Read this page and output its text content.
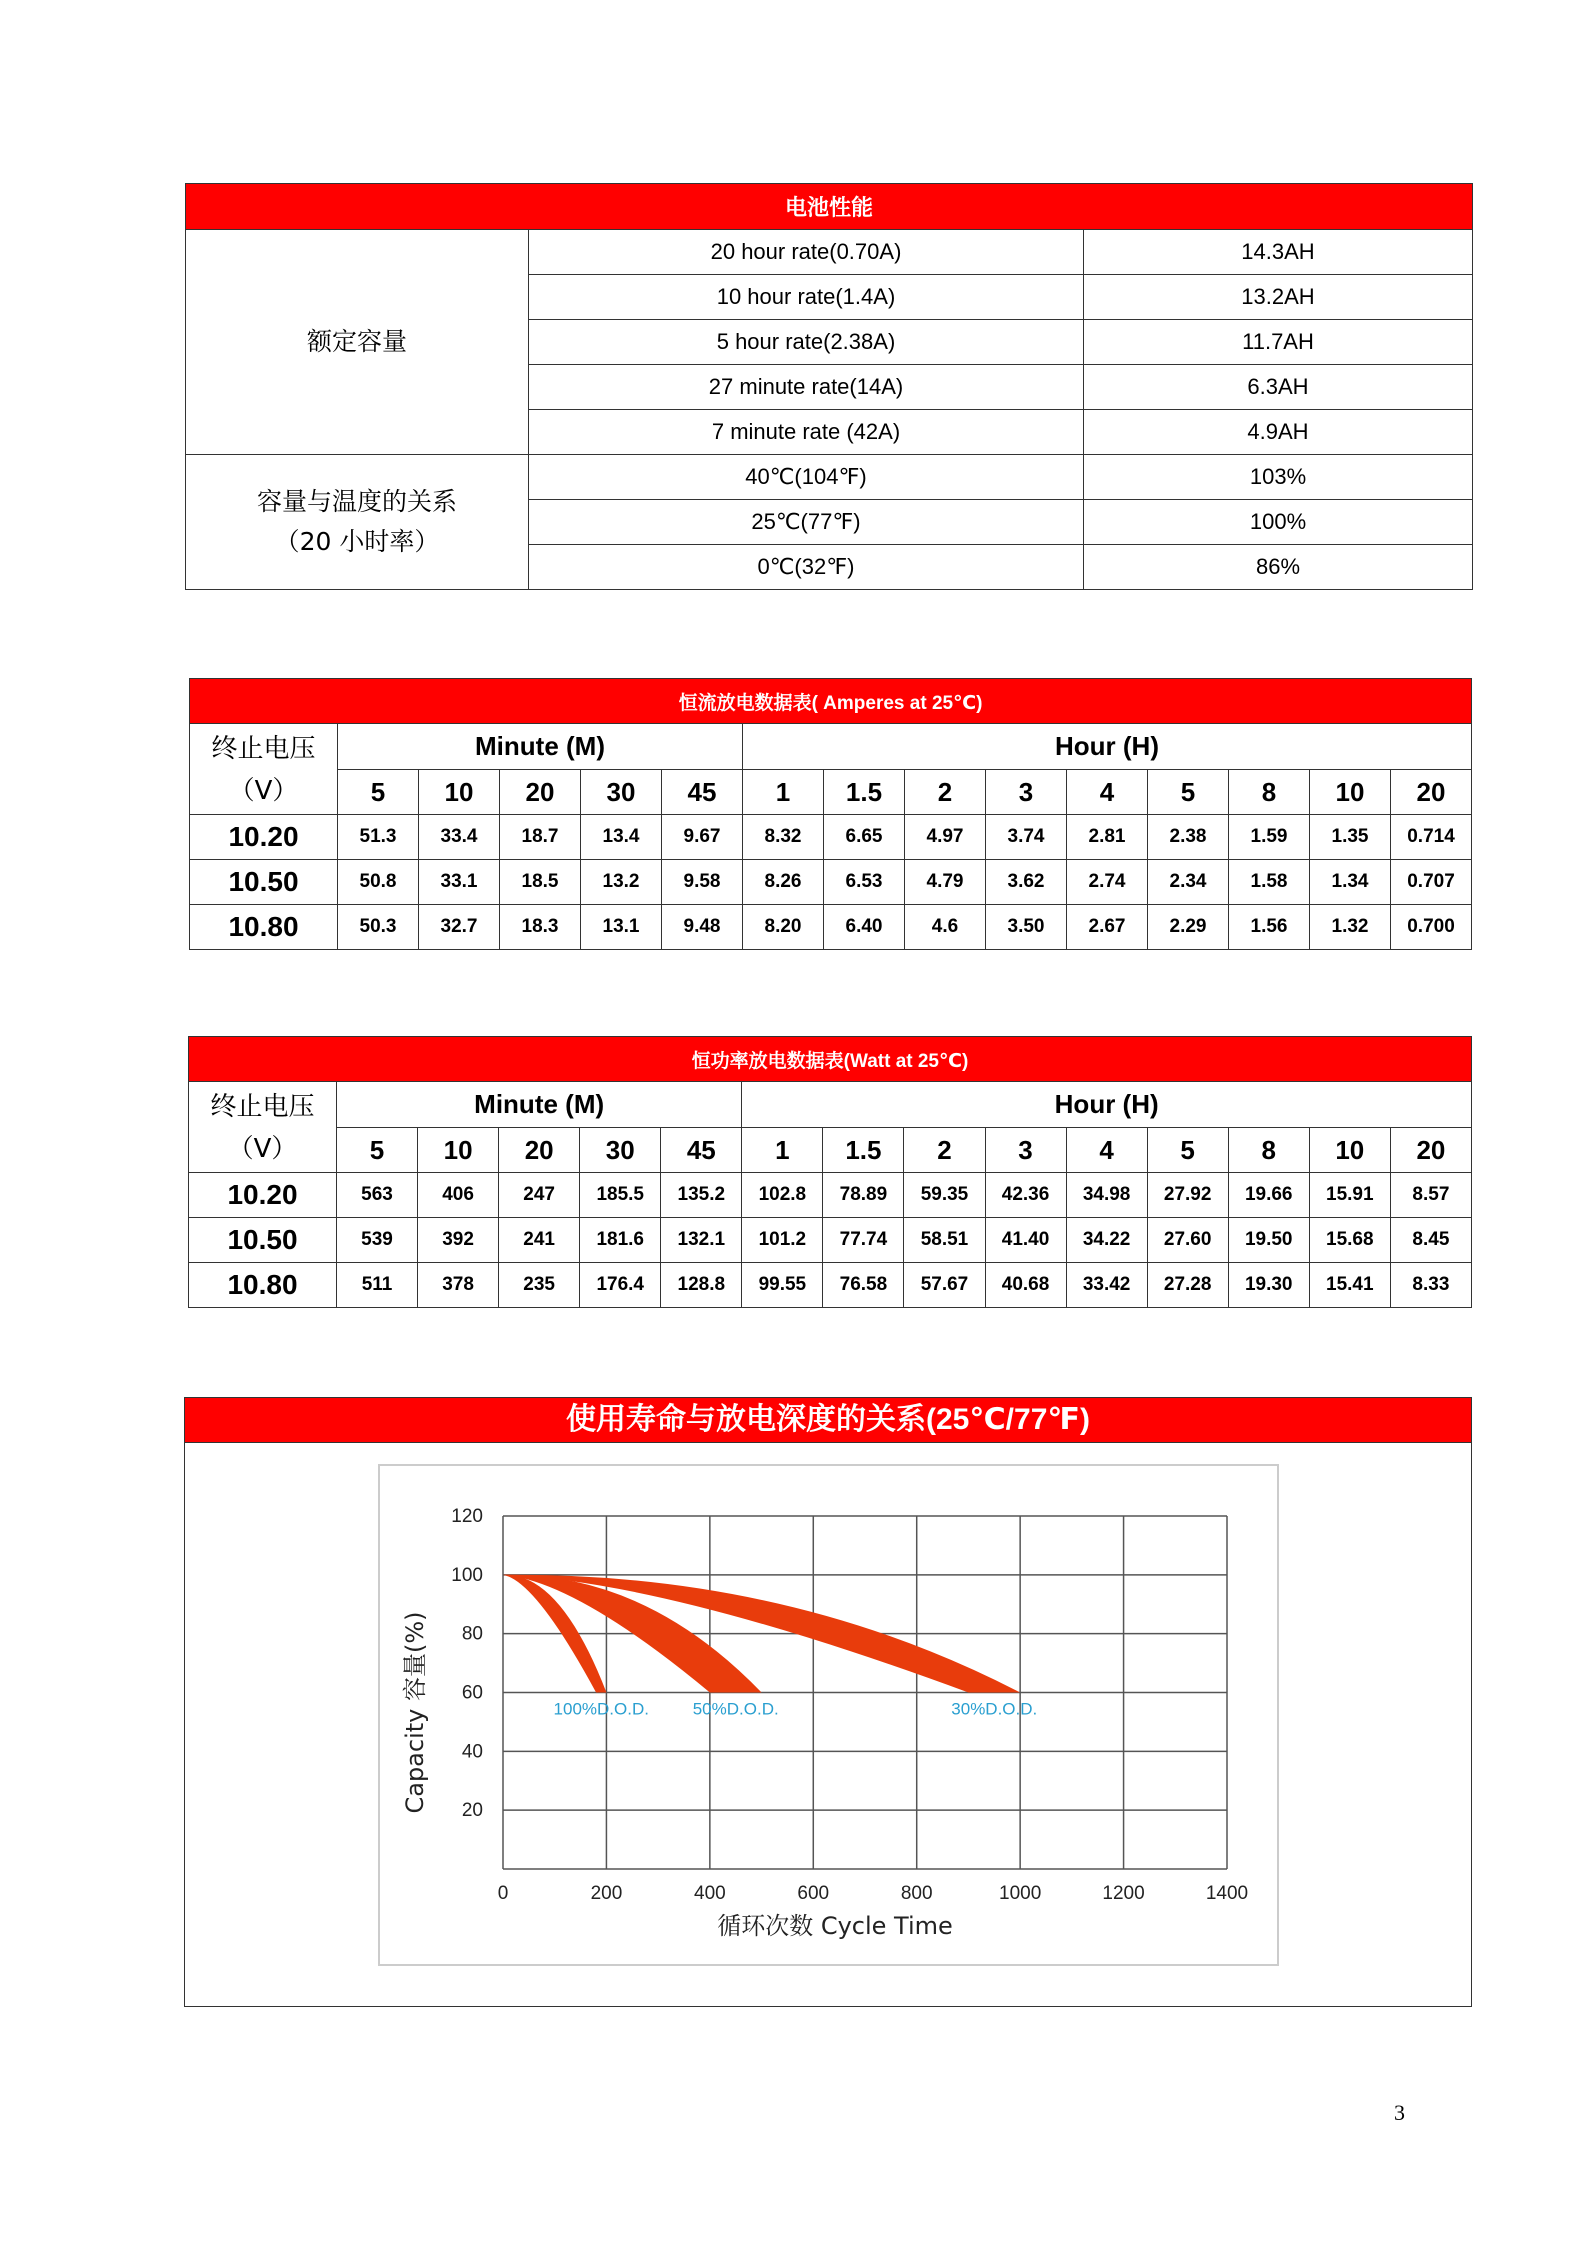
电池性能		
额定容量	20 hour rate(0.70A)	14.3AH
	10 hour rate(1.4A)	13.2AH
	5 hour rate(2.38A)	11.7AH
	27 minute rate(14A)	6.3AH
	7 minute rate (42A)	4.9AH

容量与温度的关系
（20 小时率）	40℃(104℉)	103%
	25℃(77℉)	100%
	0℃(32℉)	86%
恒流放电数据表( Amperes at 25℃)														

终止电压
（V）	Minute (M)					Hour (H)								
	5	10	20	30	45	1	1.5	2	3	4	5	8	10	20
10.20	51.3	33.4	18.7	13.4	9.67	8.32	6.65	4.97	3.74	2.81	2.38	1.59	1.35	0.714
10.50	50.8	33.1	18.5	13.2	9.58	8.26	6.53	4.79	3.62	2.74	2.34	1.58	1.34	0.707
10.80	50.3	32.7	18.3	13.1	9.48	8.20	6.40	4.6	3.50	2.67	2.29	1.56	1.32	0.700
恒功率放电数据表(Watt at 25℃)														

终止电压
（V）	Minute (M)					Hour (H)								
	5	10	20	30	45	1	1.5	2	3	4	5	8	10	20
10.20	563	406	247	185.5	135.2	102.8	78.89	59.35	42.36	34.98	27.92	19.66	15.91	8.57
10.50	539	392	241	181.6	132.1	101.2	77.74	58.51	41.40	34.22	27.60	19.50	15.68	8.45
10.80	511	378	235	176.4	128.8	99.55	76.58	57.67	40.68	33.42	27.28	19.30	15.41	8.33
使用寿命与放电深度的关系(25℃/77℉)
100%D.O.D.	50%D.O.D.	30%D.O.D.
0	200	400	600	800	1000	1200	1400
20
40
60
80
100
120
循环次数 Cycle Time
Capacity 容量(%)
3
